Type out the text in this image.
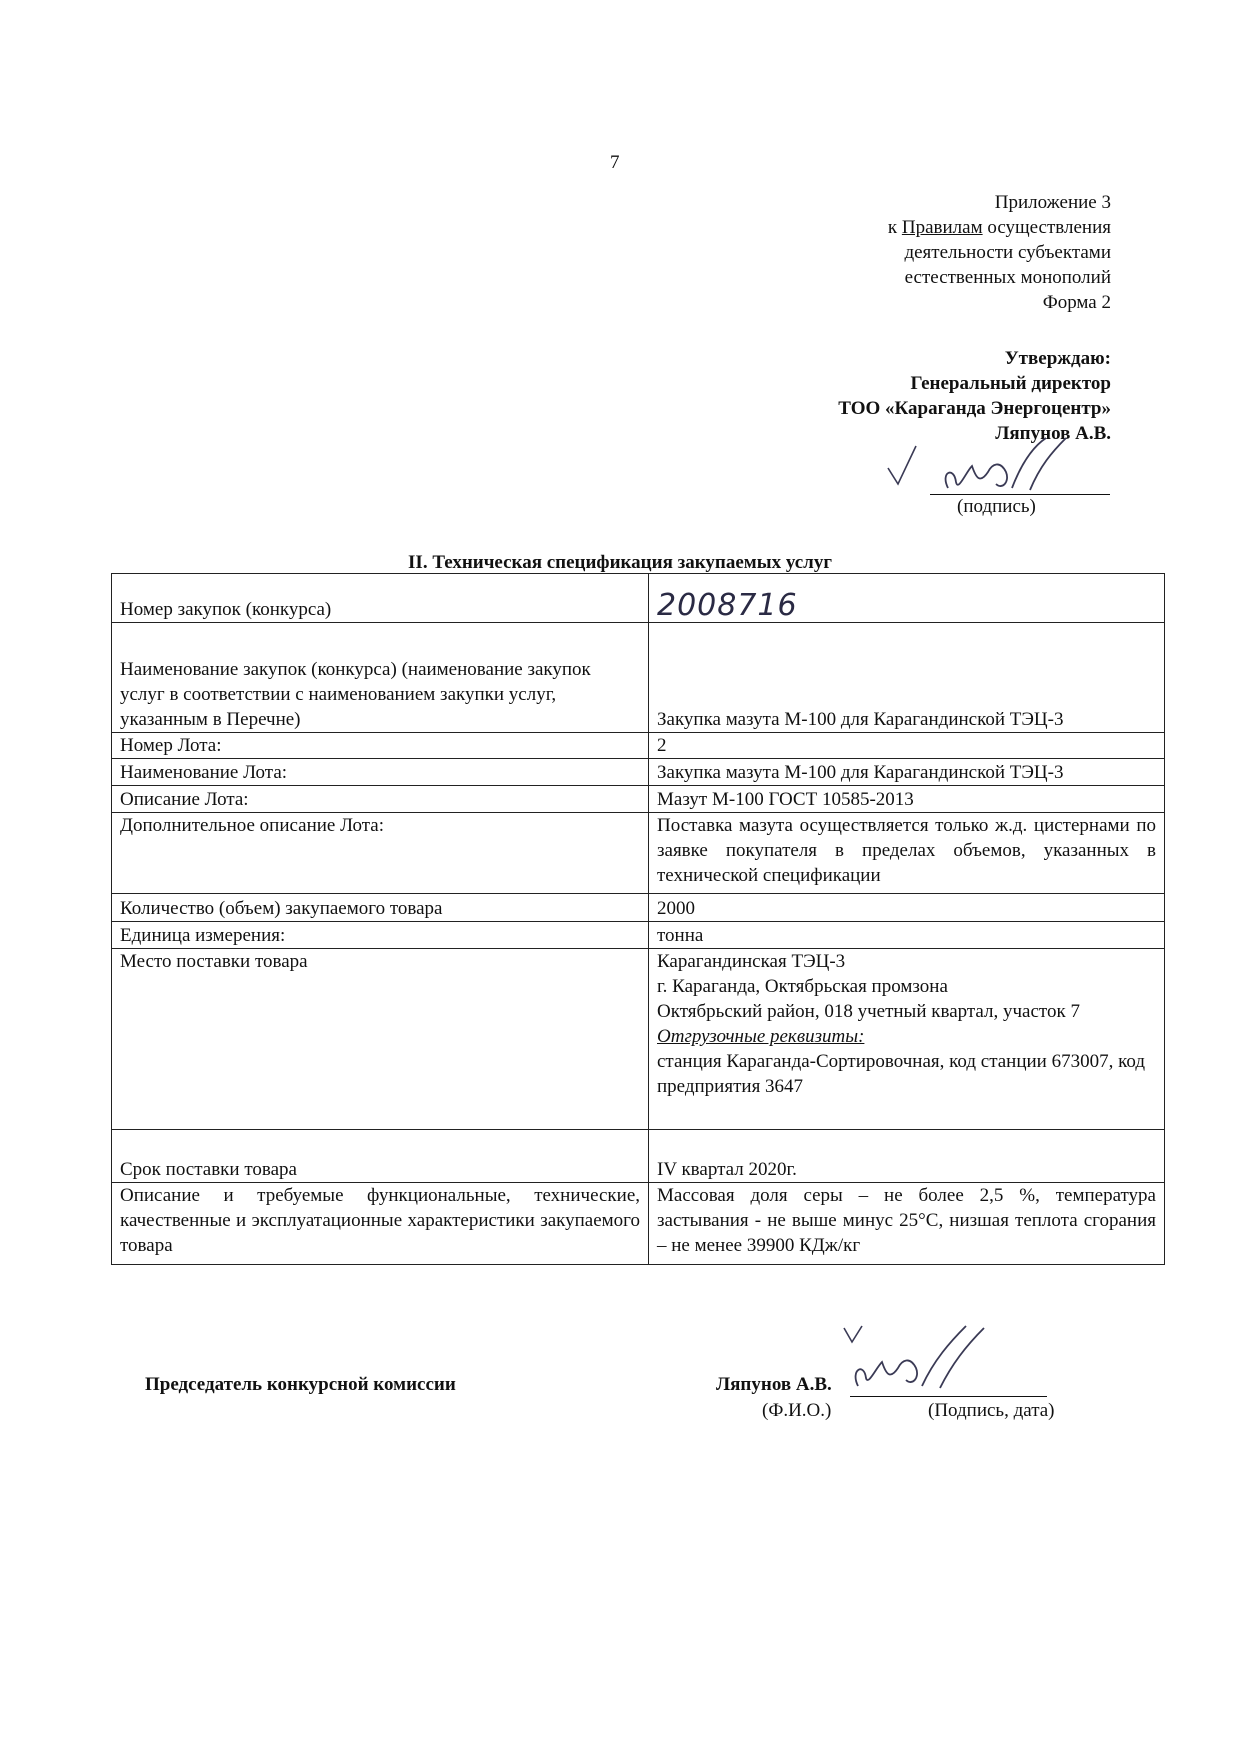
7
Приложение 3
к Правилам осуществления
деятельности субъектами
естественных монополий
Форма 2
Утверждаю:
Генеральный директор
ТОО «Караганда Энергоцентр»
Ляпунов А.В.
(подпись)
II. Техническая спецификация закупаемых услуг
Номер закупок (конкурса)	2008716
Наименование закупок (конкурса) (наименование закупок услуг в соответствии с наименованием закупки услуг, указанным в Перечне)	Закупка мазута М-100 для Карагандинской ТЭЦ-3
Номер Лота:	2
Наименование Лота:	Закупка мазута М-100 для Карагандинской ТЭЦ-3
Описание Лота:	Мазут М-100 ГОСТ 10585-2013
Дополнительное описание Лота:	Поставка мазута осуществляется только ж.д. цистернами по заявке покупателя в пределах объемов, указанных в технической спецификации
Количество (объем) закупаемого товара	2000
Единица измерения:	тонна
Место поставки товара	Карагандинская ТЭЦ-3
г. Караганда, Октябрьская промзона
Октябрьский район, 018 учетный квартал, участок 7
Отгрузочные реквизиты:
станция Караганда-Сортировочная, код станции 673007, код предприятия 3647

Срок поставки товара	IV квартал 2020г.
Описание и требуемые функциональные, технические, качественные и эксплуатационные характеристики закупаемого товара	Массовая доля серы – не более 2,5 %, температура застывания - не выше минус 25°С, низшая теплота сгорания – не менее 39900 КДж/кг
Председатель конкурсной комиссии	Ляпунов А.В.
(Ф.И.О.)	(Подпись, дата)
